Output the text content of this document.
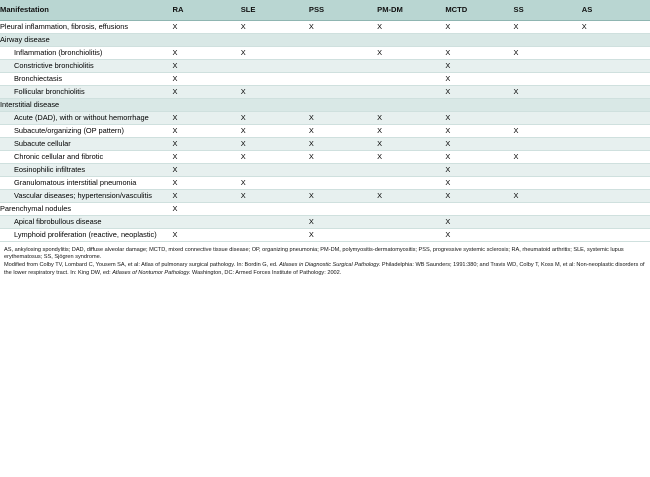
Manifestation	RA	SLE	PSS	PM-DM	MCTD	SS	AS
Pleural inflammation, fibrosis, effusions	X	X	X	X	X	X	X
Airway disease							
Inflammation (bronchiolitis)	X	X		X	X	X	
Constrictive bronchiolitis	X				X		
Bronchiectasis	X				X		
Follicular bronchiolitis	X	X			X	X	
Interstitial disease							
Acute (DAD), with or without hemorrhage	X	X	X	X	X		
Subacute/organizing (OP pattern)	X	X	X	X	X	X	
Subacute cellular	X	X	X	X	X		
Chronic cellular and fibrotic	X	X	X	X	X	X	
Eosinophilic infiltrates	X				X		
Granulomatous interstitial pneumonia	X	X			X		
Vascular diseases; hypertension/vasculitis	X	X	X	X	X	X	
Parenchymal nodules	X						
Apical fibrobullous disease			X		X		
Lymphoid proliferation (reactive, neoplastic)	X		X		X		

AS, ankylosing spondylitis; DAD, diffuse alveolar damage; MCTD, mixed connective tissue disease; OP, organizing pneumonia; PM-DM, polymyositis-dermatomyositis; PSS, progressive systemic sclerosis; RA, rheumatoid arthritis; SLE, systemic lupus erythematosus; SS, Sjögren syndrome.

Modified from Colby TV, Lombard C, Yousem SA, et al: Atlas of pulmonary surgical pathology. In: Bordin G, ed. Atlases in Diagnostic Surgical Pathology. Philadelphia: WB Saunders; 1991:380; and Travis WD, Colby T, Koss M, et al: Non-neoplastic disorders of the lower respiratory tract. In: King DW, ed: Atlases of Nontumor Pathology. Washington, DC: Armed Forces Institute of Pathology: 2002.
